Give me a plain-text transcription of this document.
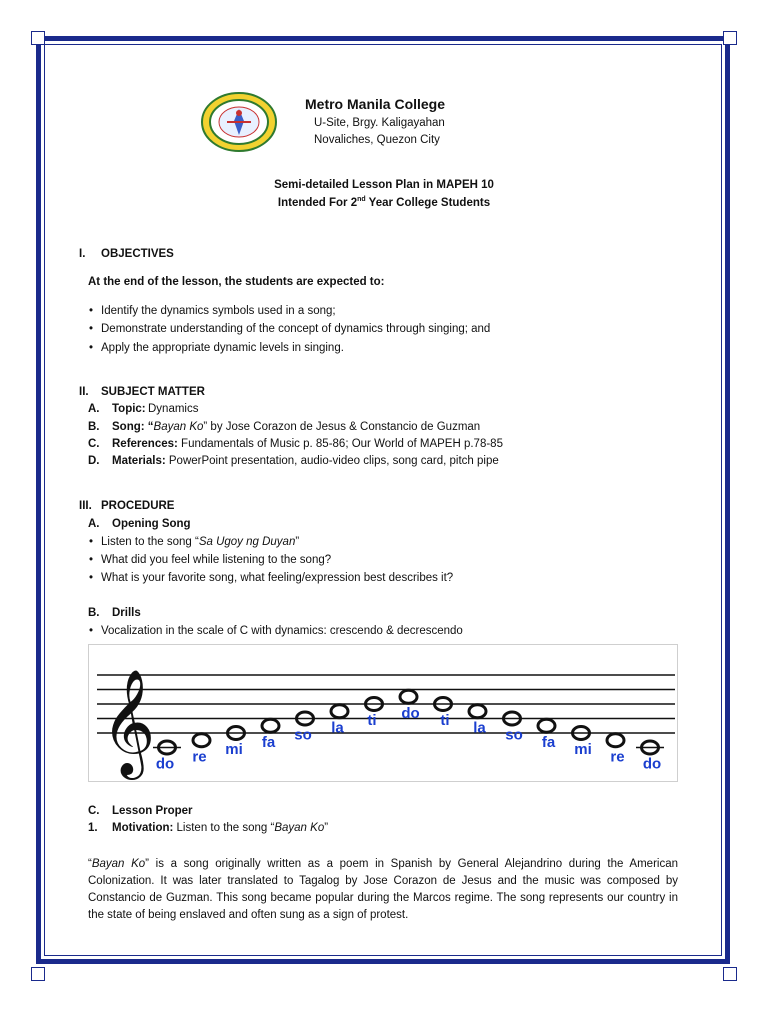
Metro Manila College
U-Site, Brgy. Kaligayahan
Novaliches, Quezon City
Semi-detailed Lesson Plan in MAPEH 10
Intended For 2nd Year College Students
I. OBJECTIVES
At the end of the lesson, the students are expected to:
• Identify the dynamics symbols used in a song;
• Demonstrate understanding of the concept of dynamics through singing; and
• Apply the appropriate dynamic levels in singing.
II. SUBJECT MATTER
A. Topic: Dynamics
B. Song: “Bayan Ko” by Jose Corazon de Jesus & Constancio de Guzman
C. References: Fundamentals of Music p. 85-86; Our World of MAPEH p.78-85
D. Materials: PowerPoint presentation, audio-video clips, song card, pitch pipe
III. PROCEDURE
A. Opening Song
• Listen to the song “Sa Ugoy ng Duyan”
• What did you feel while listening to the song?
• What is your favorite song, what feeling/expression best describes it?
B. Drills
• Vocalization in the scale of C with dynamics: crescendo & decrescendo
𝄞 do re mi fa so la ti do ti la so fa mi re do
C. Lesson Proper
1. Motivation: Listen to the song “Bayan Ko”
“Bayan Ko” is a song originally written as a poem in Spanish by General Alejandrino during the American Colonization. It was later translated to Tagalog by Jose Corazon de Jesus and the music was composed by Constancio de Guzman. This song became popular during the Marcos regime. The song represents our country in the state of being enslaved and often sung as a sign of protest.
